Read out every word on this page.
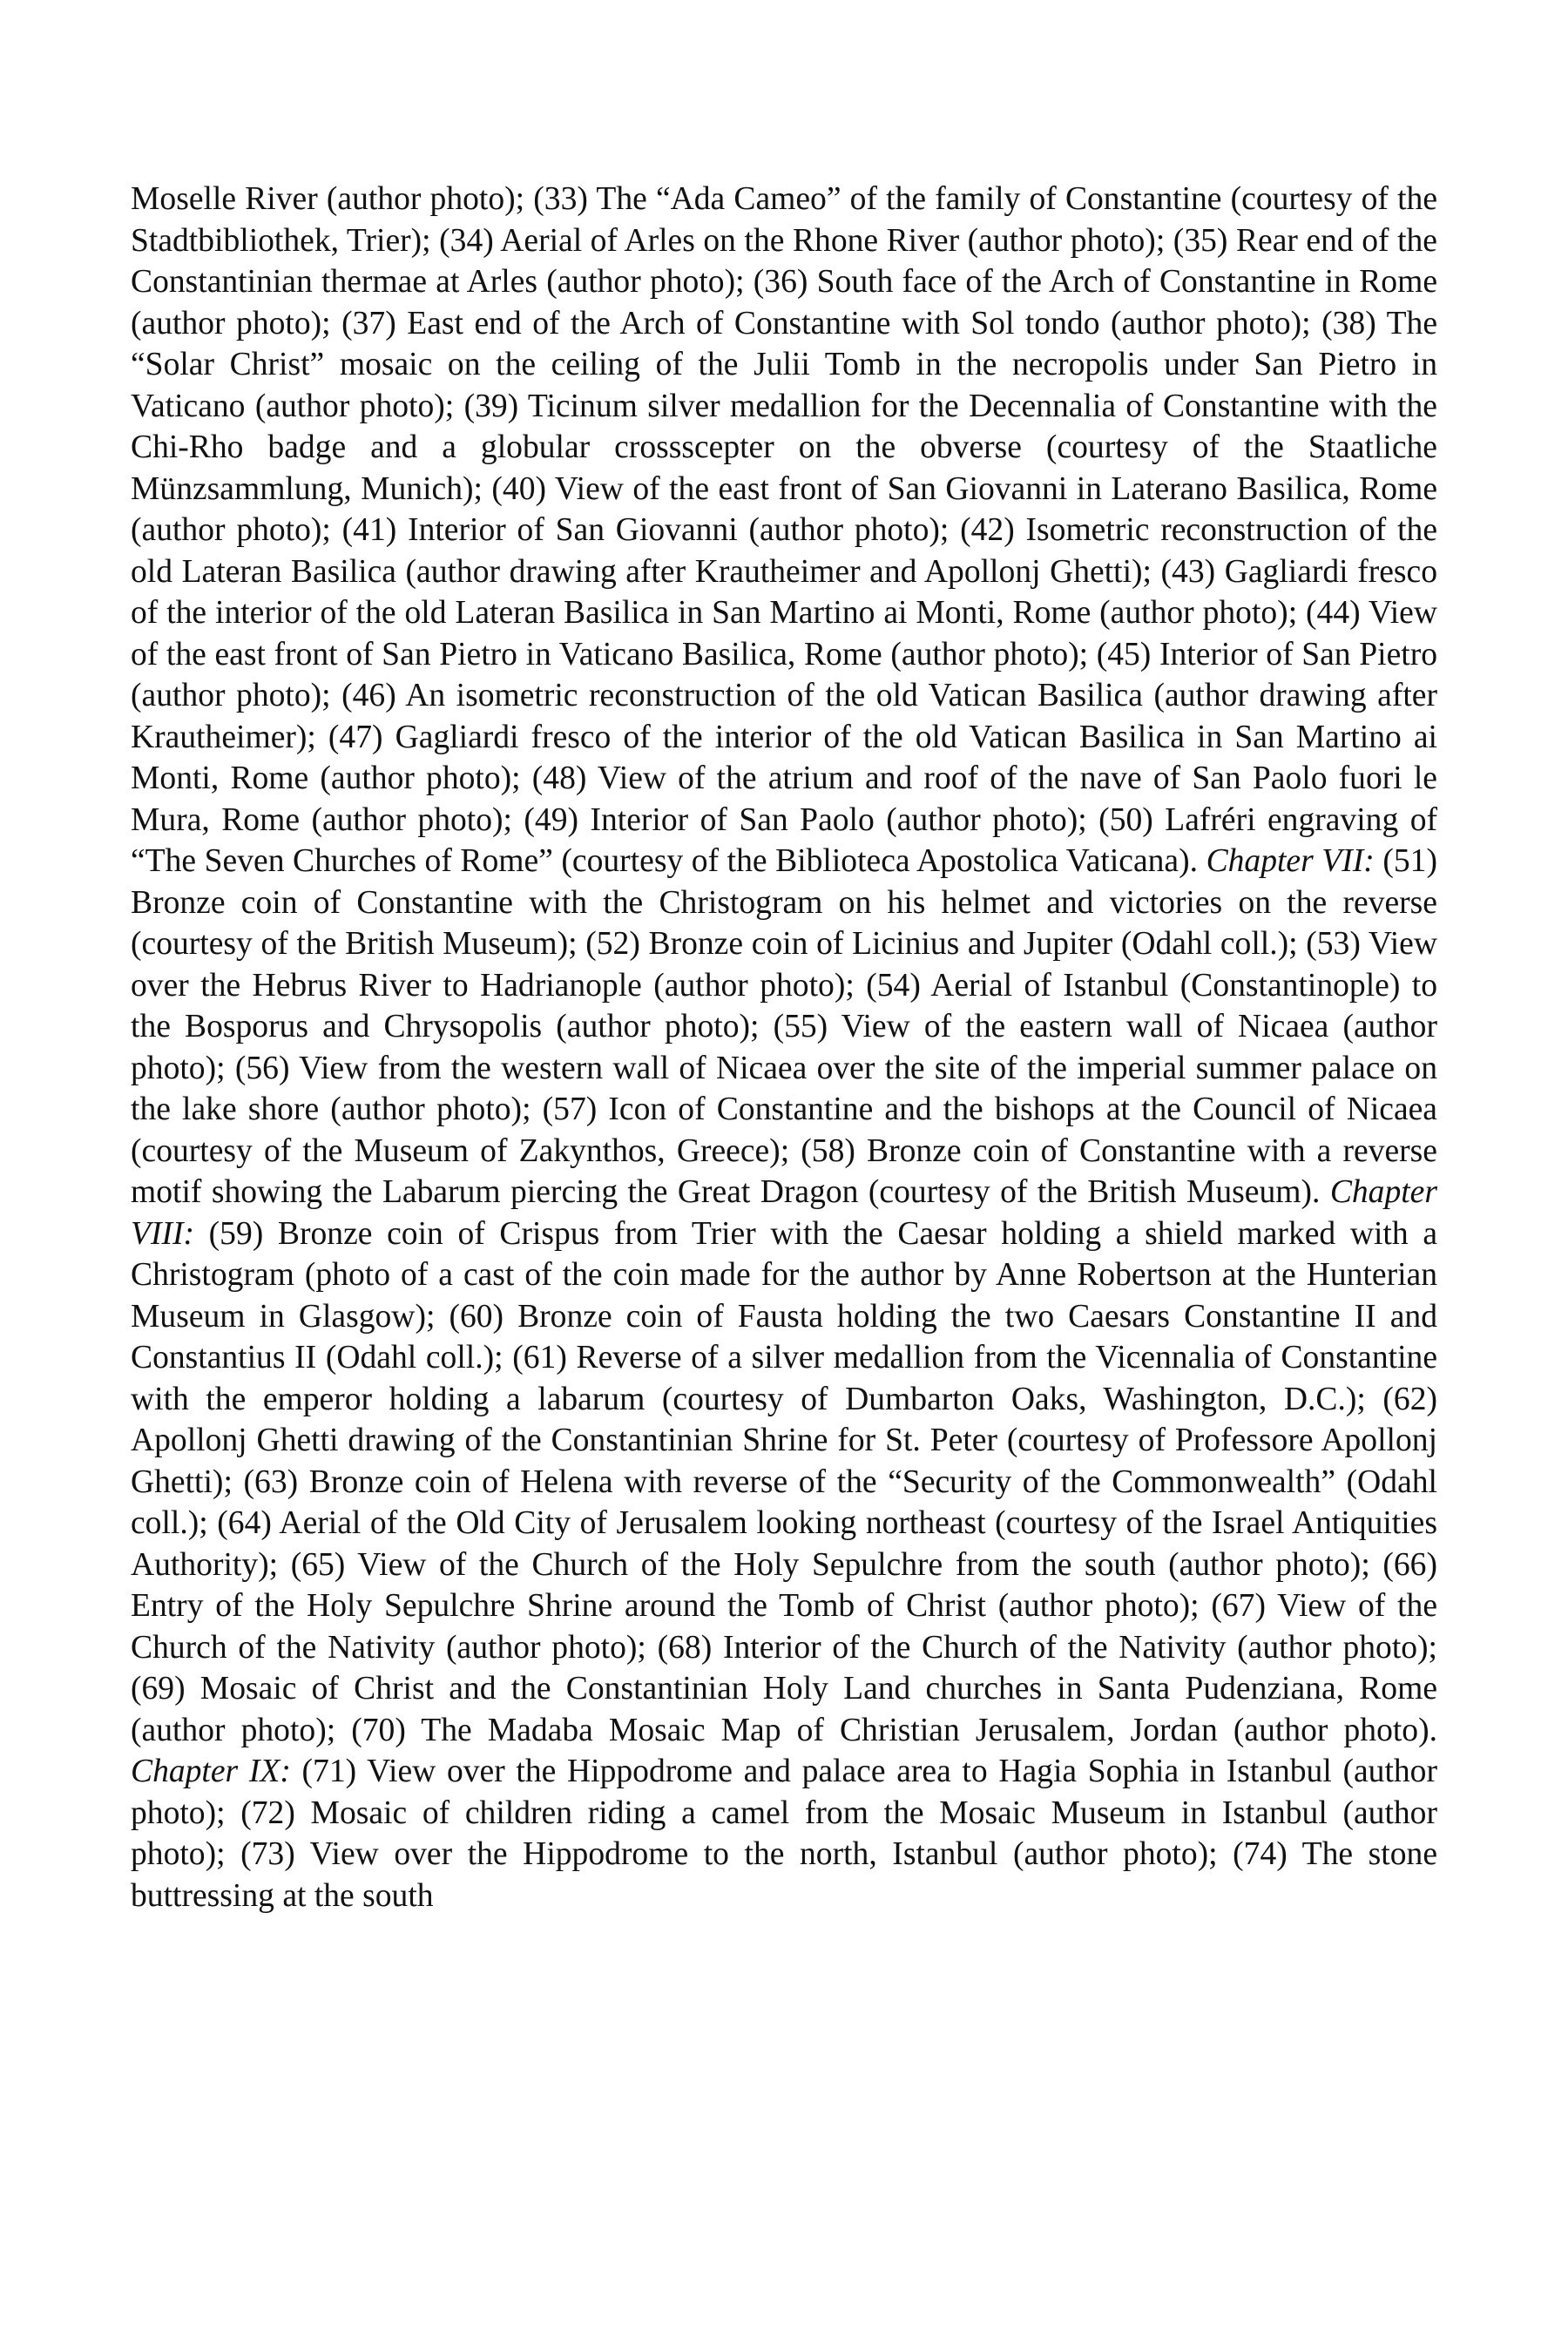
Moselle River (author photo); (33) The “Ada Cameo” of the family of Constantine (courtesy of the Stadtbibliothek, Trier); (34) Aerial of Arles on the Rhone River (author photo); (35) Rear end of the Constantinian thermae at Arles (author photo); (36) South face of the Arch of Constantine in Rome (author photo); (37) East end of the Arch of Constantine with Sol tondo (author photo); (38) The “Solar Christ” mosaic on the ceiling of the Julii Tomb in the necropolis under San Pietro in Vaticano (author photo); (39) Ticinum silver medallion for the Decennalia of Constantine with the Chi-Rho badge and a globular crossscepter on the obverse (courtesy of the Staatliche Münzsammlung, Munich); (40) View of the east front of San Giovanni in Laterano Basilica, Rome (author photo); (41) Interior of San Giovanni (author photo); (42) Isometric reconstruction of the old Lateran Basilica (author drawing after Krautheimer and Apollonj Ghetti); (43) Gagliardi fresco of the interior of the old Lateran Basilica in San Martino ai Monti, Rome (author photo); (44) View of the east front of San Pietro in Vaticano Basilica, Rome (author photo); (45) Interior of San Pietro (author photo); (46) An isometric reconstruction of the old Vatican Basilica (author drawing after Krautheimer); (47) Gagliardi fresco of the interior of the old Vatican Basilica in San Martino ai Monti, Rome (author photo); (48) View of the atrium and roof of the nave of San Paolo fuori le Mura, Rome (author photo); (49) Interior of San Paolo (author photo); (50) Lafréri engraving of “The Seven Churches of Rome” (courtesy of the Biblioteca Apostolica Vaticana). Chapter VII: (51) Bronze coin of Constantine with the Christogram on his helmet and victories on the reverse (courtesy of the British Museum); (52) Bronze coin of Licinius and Jupiter (Odahl coll.); (53) View over the Hebrus River to Hadrianople (author photo); (54) Aerial of Istanbul (Constantinople) to the Bosporus and Chrysopolis (author photo); (55) View of the eastern wall of Nicaea (author photo); (56) View from the western wall of Nicaea over the site of the imperial summer palace on the lake shore (author photo); (57) Icon of Constantine and the bishops at the Council of Nicaea (courtesy of the Museum of Zakynthos, Greece); (58) Bronze coin of Constantine with a reverse motif showing the Labarum piercing the Great Dragon (courtesy of the British Museum). Chapter VIII: (59) Bronze coin of Crispus from Trier with the Caesar holding a shield marked with a Christogram (photo of a cast of the coin made for the author by Anne Robertson at the Hunterian Museum in Glasgow); (60) Bronze coin of Fausta holding the two Caesars Constantine II and Constantius II (Odahl coll.); (61) Reverse of a silver medallion from the Vicennalia of Constantine with the emperor holding a labarum (courtesy of Dumbarton Oaks, Washington, D.C.); (62) Apollonj Ghetti drawing of the Constantinian Shrine for St. Peter (courtesy of Professore Apollonj Ghetti); (63) Bronze coin of Helena with reverse of the “Security of the Commonwealth” (Odahl coll.); (64) Aerial of the Old City of Jerusalem looking northeast (courtesy of the Israel Antiquities Authority); (65) View of the Church of the Holy Sepulchre from the south (author photo); (66) Entry of the Holy Sepulchre Shrine around the Tomb of Christ (author photo); (67) View of the Church of the Nativity (author photo); (68) Interior of the Church of the Nativity (author photo); (69) Mosaic of Christ and the Constantinian Holy Land churches in Santa Pudenziana, Rome (author photo); (70) The Madaba Mosaic Map of Christian Jerusalem, Jordan (author photo). Chapter IX: (71) View over the Hippodrome and palace area to Hagia Sophia in Istanbul (author photo); (72) Mosaic of children riding a camel from the Mosaic Museum in Istanbul (author photo); (73) View over the Hippodrome to the north, Istanbul (author photo); (74) The stone buttressing at the south
